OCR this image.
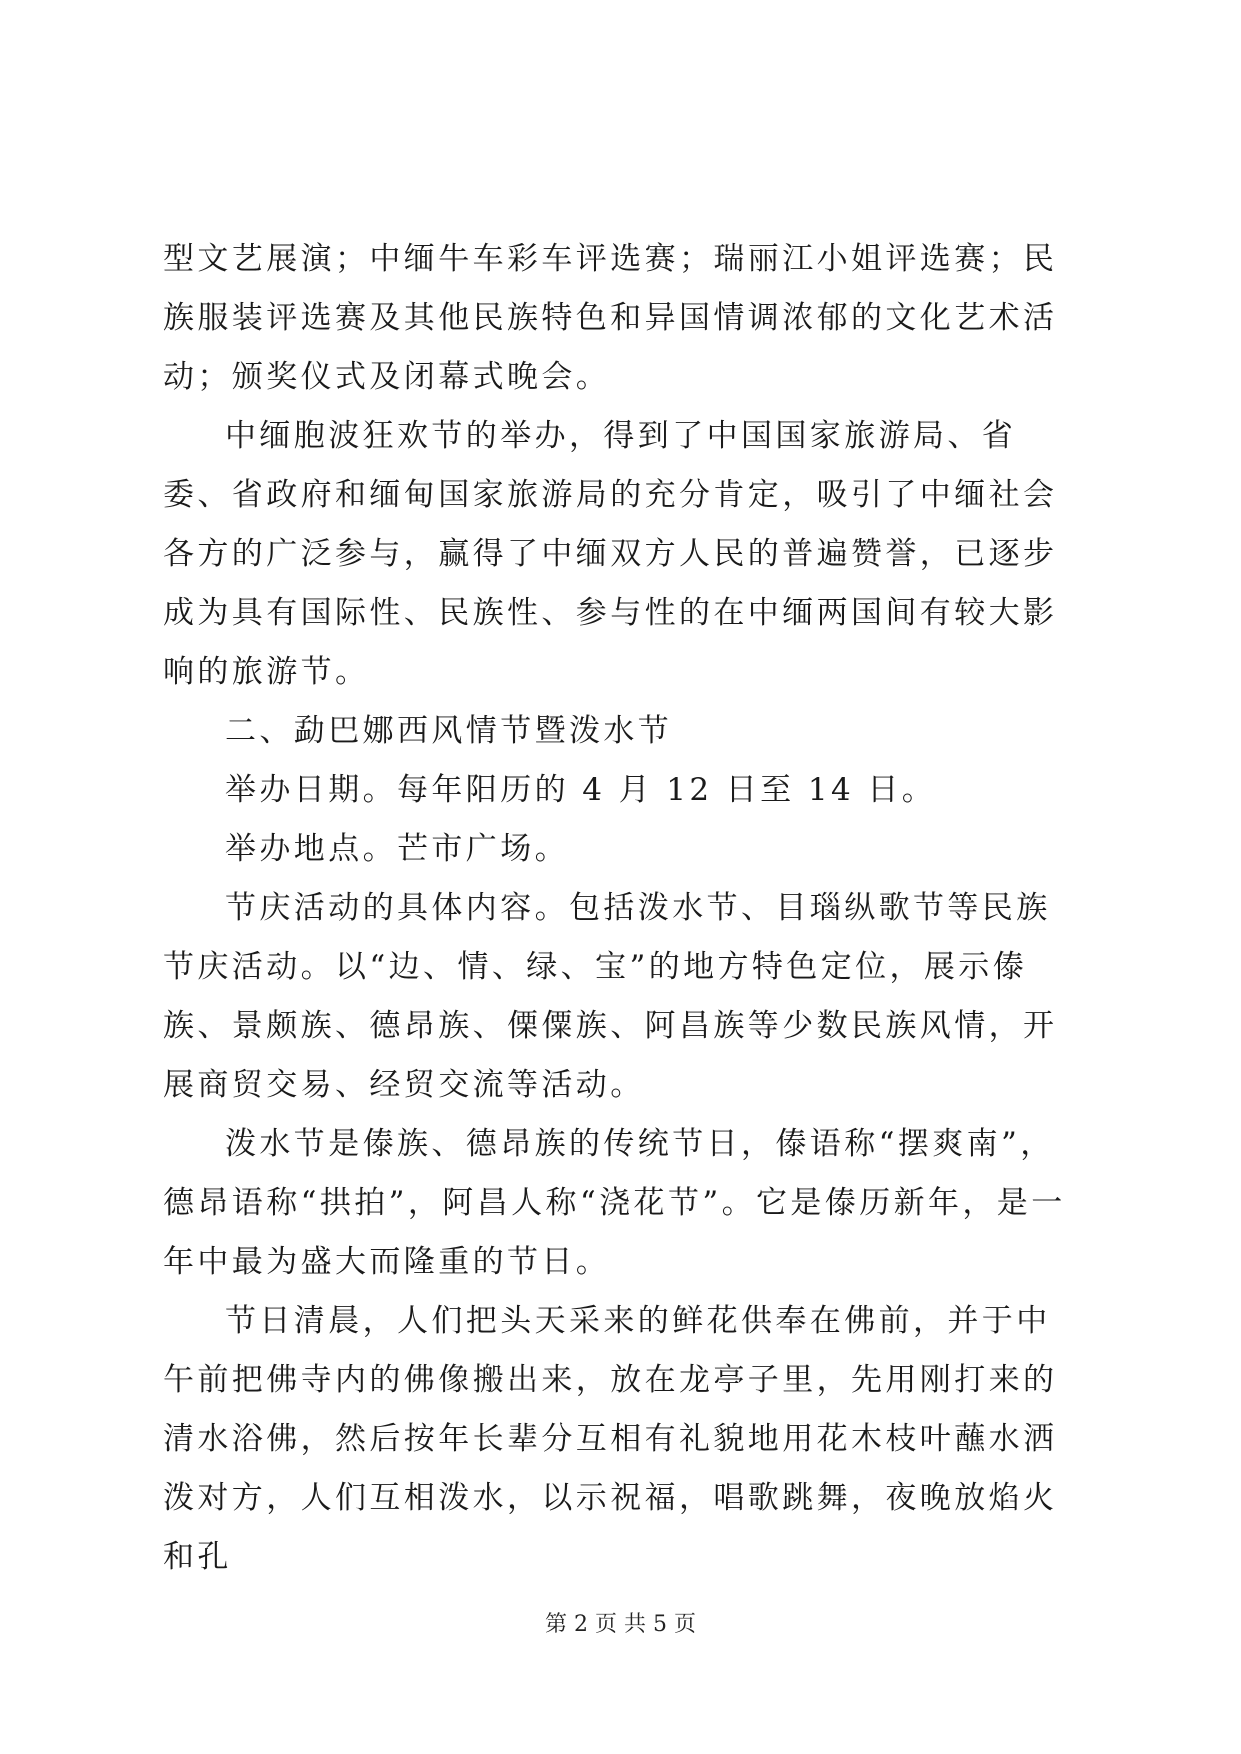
型文艺展演；中缅牛车彩车评选赛；瑞丽江小姐评选赛；民族服装评选赛及其他民族特色和异国情调浓郁的文化艺术活动；颁奖仪式及闭幕式晚会。

中缅胞波狂欢节的举办，得到了中国国家旅游局、省委、省政府和缅甸国家旅游局的充分肯定，吸引了中缅社会各方的广泛参与，赢得了中缅双方人民的普遍赞誉，已逐步成为具有国际性、民族性、参与性的在中缅两国间有较大影响的旅游节。

二、勐巴娜西风情节暨泼水节

举办日期。每年阳历的 4 月 12 日至 14 日。

举办地点。芒市广场。

节庆活动的具体内容。包括泼水节、目瑙纵歌节等民族节庆活动。以“边、情、绿、宝”的地方特色定位，展示傣族、景颇族、德昂族、傈僳族、阿昌族等少数民族风情，开展商贸交易、经贸交流等活动。

泼水节是傣族、德昂族的传统节日，傣语称“摆爽南”，德昂语称“拱拍”，阿昌人称“浇花节”。它是傣历新年，是一年中最为盛大而隆重的节日。

节日清晨，人们把头天采来的鲜花供奉在佛前，并于中午前把佛寺内的佛像搬出来，放在龙亭子里，先用刚打来的清水浴佛，然后按年长辈分互相有礼貌地用花木枝叶蘸水洒泼对方，人们互相泼水，以示祝福，唱歌跳舞，夜晚放焰火和孔

第 2 页 共 5 页
